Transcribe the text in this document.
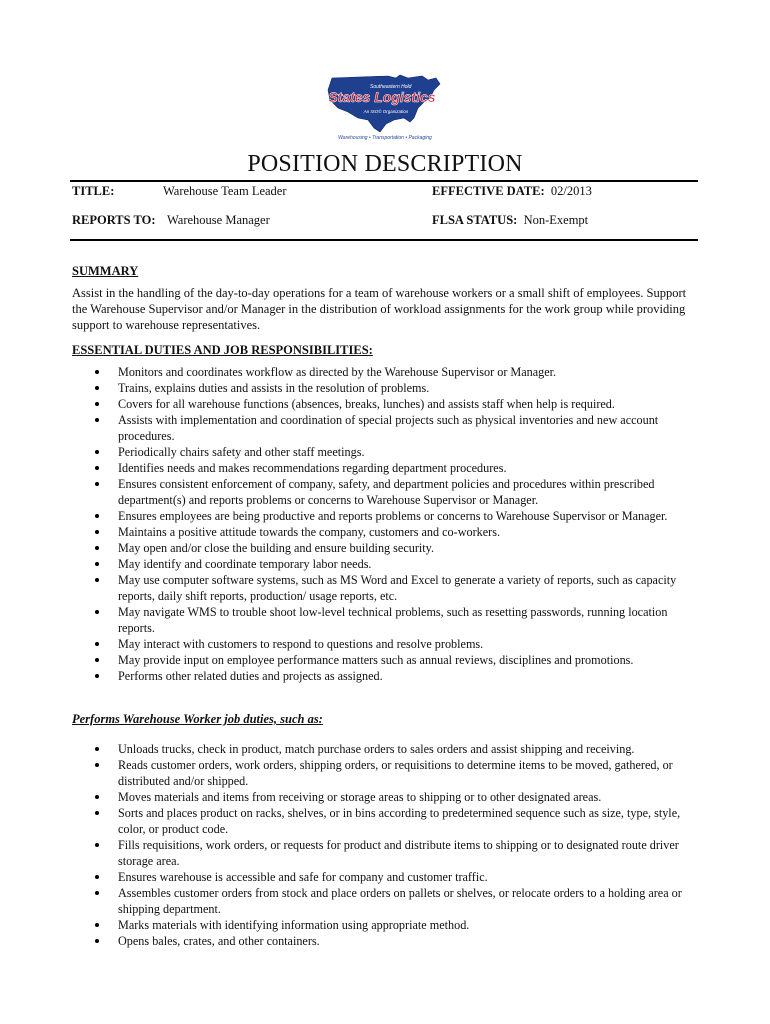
Southeastern Hold
States Logistics
An ISO© Organization
Warehousing • Transportation • Packaging
POSITION DESCRIPTION
TITLE:	Warehouse Team Leader	EFFECTIVE DATE: 02/2013
REPORTS TO: Warehouse Manager	FLSA STATUS: Non-Exempt
SUMMARY

Assist in the handling of the day-to-day operations for a team of warehouse workers or a small shift of employees. Support the Warehouse Supervisor and/or Manager in the distribution of workload assignments for the work group while providing support to warehouse representatives.

ESSENTIAL DUTIES AND JOB RESPONSIBILITIES:
Monitors and coordinates workflow as directed by the Warehouse Supervisor or Manager.
Trains, explains duties and assists in the resolution of problems.
Covers for all warehouse functions (absences, breaks, lunches) and assists staff when help is required.
Assists with implementation and coordination of special projects such as physical inventories and new account procedures.
Periodically chairs safety and other staff meetings.
Identifies needs and makes recommendations regarding department procedures.
Ensures consistent enforcement of company, safety, and department policies and procedures within prescribed department(s) and reports problems or concerns to Warehouse Supervisor or Manager.
Ensures employees are being productive and reports problems or concerns to Warehouse Supervisor or Manager.
Maintains a positive attitude towards the company, customers and co-workers.
May open and/or close the building and ensure building security.
May identify and coordinate temporary labor needs.
May use computer software systems, such as MS Word and Excel to generate a variety of reports, such as capacity reports, daily shift reports, production/ usage reports, etc.
May navigate WMS to trouble shoot low-level technical problems, such as resetting passwords, running location reports.
May interact with customers to respond to questions and resolve problems.
May provide input on employee performance matters such as annual reviews, disciplines and promotions.
Performs other related duties and projects as assigned.
Performs Warehouse Worker job duties, such as:
Unloads trucks, check in product, match purchase orders to sales orders and assist shipping and receiving.
Reads customer orders, work orders, shipping orders, or requisitions to determine items to be moved, gathered, or distributed and/or shipped.
Moves materials and items from receiving or storage areas to shipping or to other designated areas.
Sorts and places product on racks, shelves, or in bins according to predetermined sequence such as size, type, style, color, or product code.
Fills requisitions, work orders, or requests for product and distribute items to shipping or to designated route driver storage area.
Ensures warehouse is accessible and safe for company and customer traffic.
Assembles customer orders from stock and place orders on pallets or shelves, or relocate orders to a holding area or shipping department.
Marks materials with identifying information using appropriate method.
Opens bales, crates, and other containers.
